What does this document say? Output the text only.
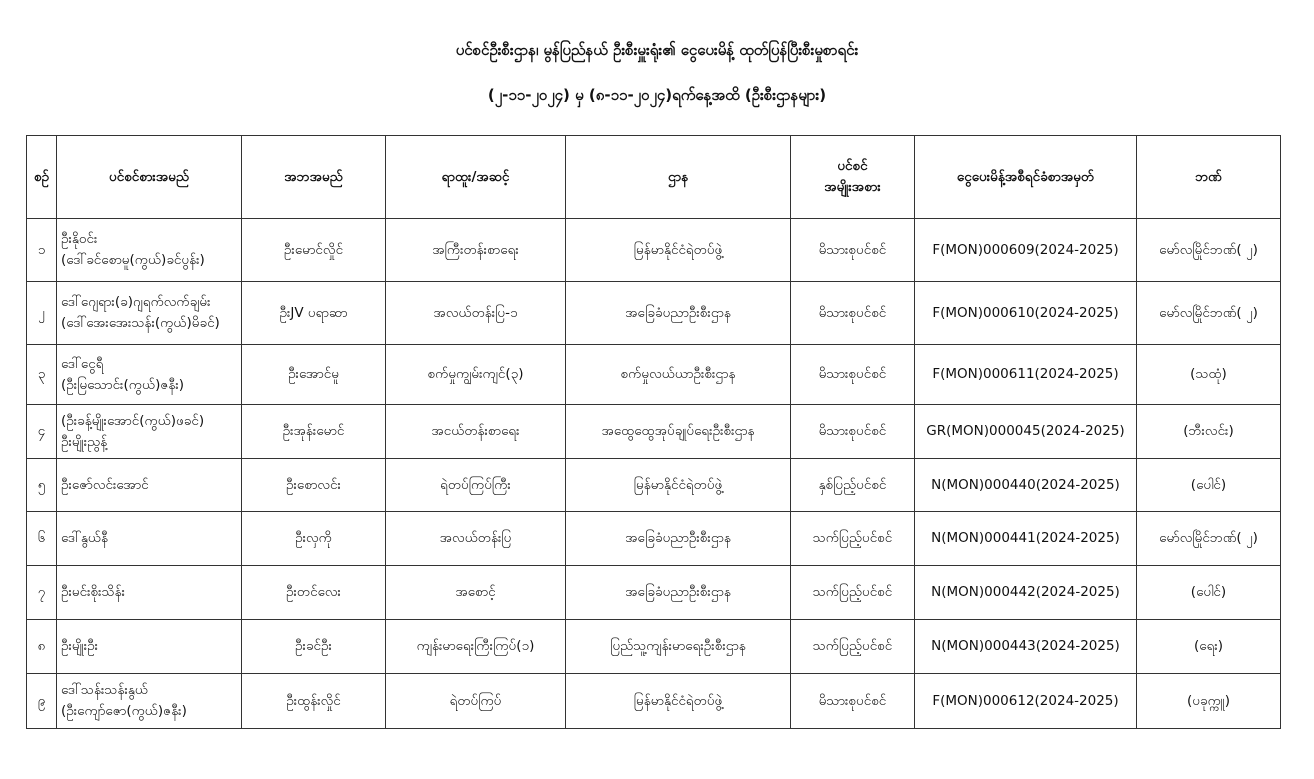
ပင်စင်ဦးစီးဌာန၊ မွန်ပြည်နယ် ဦးစီးမှူးရုံး၏ ငွေပေးမိန့် ထုတ်ပြန်ပြီးစီးမှုစာရင်း
(၂-၁၁-၂၀၂၄) မှ (၈-၁၁-၂၀၂၄)ရက်နေ့အထိ (ဦးစီးဌာနများ)
စဉ်	ပင်စင်စားအမည်	အဘအမည်	ရာထူး/အဆင့်	ဌာန	ပင်စင်
အမျိုးအစား	ငွေပေးမိန့်အစီရင်ခံစာအမှတ်	ဘဏ်
၁	ဦးနိုဝင်း
(ဒေါ်ခင်စောမူ(ကွယ်)ခင်ပွန်း)	ဦးမောင်လှိုင်	အကြီးတန်းစာရေး	မြန်မာနိုင်ငံရဲတပ်ဖွဲ့	မိသားစုပင်စင်	F(MON)000609(2024-2025)	မော်လမြိုင်ဘဏ်( ၂)
၂	ဒေါ်ဂျေရား(ခ)ဂျရက်လက်ချမ်း
(ဒေါ်အေးအေးသန်း(ကွယ်)မိခင်)	ဦးJV ပရာဆာ	အလယ်တန်းပြ-၁	အခြေခံပညာဦးစီးဌာန	မိသားစုပင်စင်	F(MON)000610(2024-2025)	မော်လမြိုင်ဘဏ်( ၂)
၃	ဒေါ်ငွေရီ
(ဦးမြသောင်း(ကွယ်)ဇနီး)	ဦးအောင်မူ	စက်မှုကျွမ်းကျင်(၃)	စက်မှုလယ်ယာဦးစီးဌာန	မိသားစုပင်စင်	F(MON)000611(2024-2025)	(သထုံ)
၄	(ဦးခန့်မျိုးအောင်(ကွယ်)ဖခင်)
ဦးမျိုးညွန့်	ဦးအုန်းမောင်	အငယ်တန်းစာရေး	အထွေထွေအုပ်ချုပ်ရေးဦးစီးဌာန	မိသားစုပင်စင်	GR(MON)000045(2024-2025)	(ဘီးလင်း)
၅	ဦးဇော်လင်းအောင်	ဦးစောလင်း	ရဲတပ်ကြပ်ကြီး	မြန်မာနိုင်ငံရဲတပ်ဖွဲ့	နှစ်ပြည့်ပင်စင်	N(MON)000440(2024-2025)	(ပေါင်)
၆	ဒေါ်နွယ်နီ	ဦးလှကို	အလယ်တန်းပြ	အခြေခံပညာဦးစီးဌာန	သက်ပြည့်ပင်စင်	N(MON)000441(2024-2025)	မော်လမြိုင်ဘဏ်( ၂)
၇	ဦးမင်းစိုးသိန်း	ဦးတင်လေး	အစောင့်	အခြေခံပညာဦးစီးဌာန	သက်ပြည့်ပင်စင်	N(MON)000442(2024-2025)	(ပေါင်)
၈	ဦးမျိုးဦး	ဦးခင်ဦး	ကျန်းမာရေးကြီးကြပ်(၁)	ပြည်သူ့ကျန်းမာရေးဦးစီးဌာန	သက်ပြည့်ပင်စင်	N(MON)000443(2024-2025)	(ရေး)
၉	ဒေါ်သန်းသန်းနွယ်
(ဦးကျော်ဇော(ကွယ်)ဇနီး)	ဦးထွန်းလှိုင်	ရဲတပ်ကြပ်	မြန်မာနိုင်ငံရဲတပ်ဖွဲ့	မိသားစုပင်စင်	F(MON)000612(2024-2025)	(ပခုက္ကူ)
